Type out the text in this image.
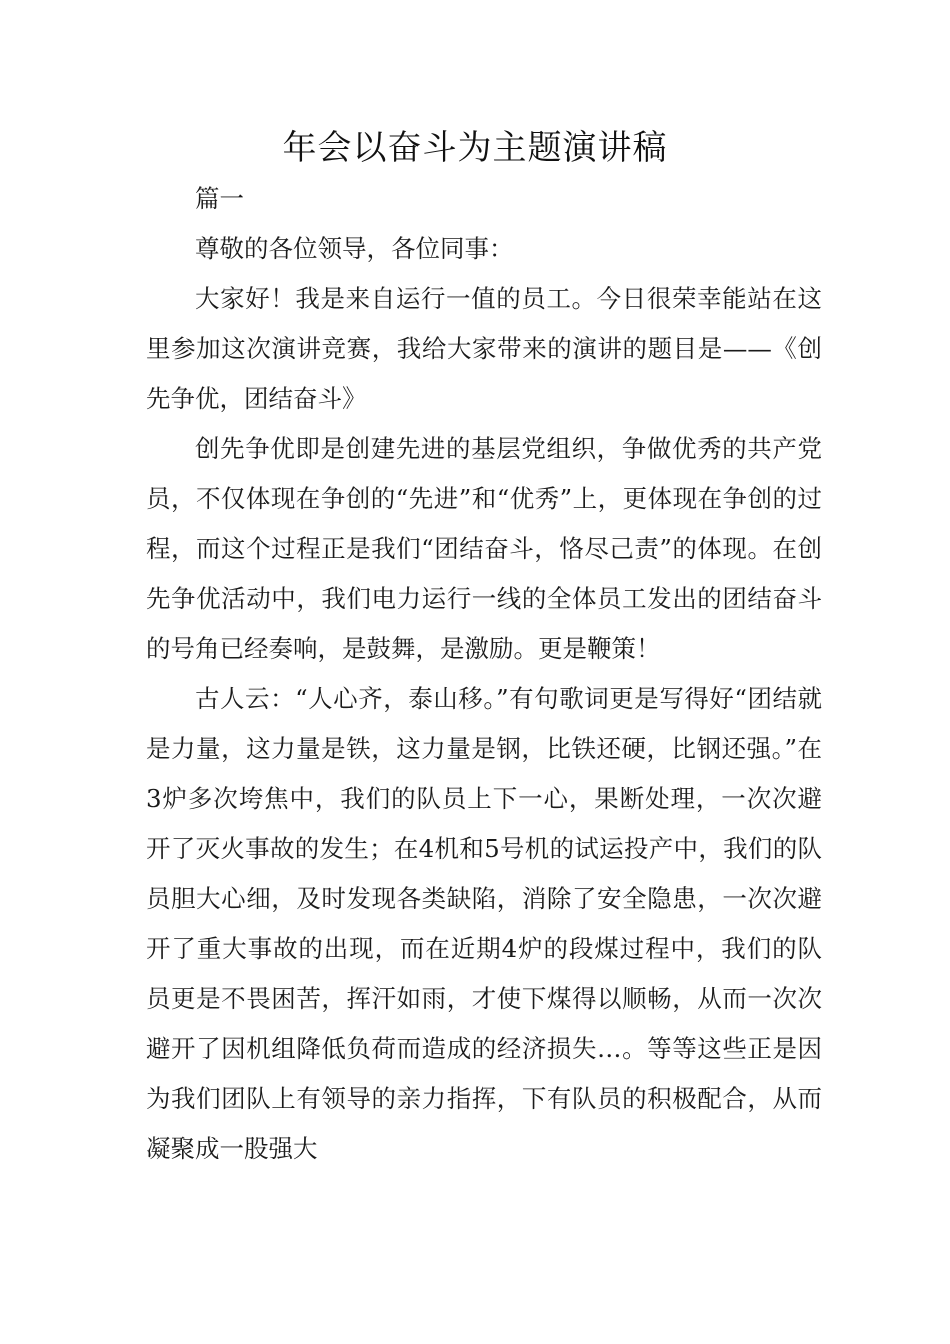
年会以奋斗为主题演讲稿

篇一

尊敬的各位领导，各位同事：

大家好！我是来自运行一值的员工。今日很荣幸能站在这里参加这次演讲竞赛，我给大家带来的演讲的题目是——《创先争优，团结奋斗》

创先争优即是创建先进的基层党组织，争做优秀的共产党员，不仅体现在争创的“先进”和“优秀”上，更体现在争创的过程，而这个过程正是我们“团结奋斗，恪尽己责”的体现。在创先争优活动中，我们电力运行一线的全体员工发出的团结奋斗的号角已经奏响，是鼓舞，是激励。更是鞭策！

古人云：“人心齐，泰山移。”有句歌词更是写得好“团结就是力量，这力量是铁，这力量是钢，比铁还硬，比钢还强。”在3炉多次垮焦中，我们的队员上下一心，果断处理，一次次避开了灭火事故的发生；在4机和5号机的试运投产中，我们的队员胆大心细，及时发现各类缺陷，消除了安全隐患，一次次避开了重大事故的出现，而在近期4炉的段煤过程中，我们的队员更是不畏困苦，挥汗如雨，才使下煤得以顺畅，从而一次次避开了因机组降低负荷而造成的经济损失…。等等这些正是因为我们团队上有领导的亲力指挥，下有队员的积极配合，从而凝聚成一股强大
